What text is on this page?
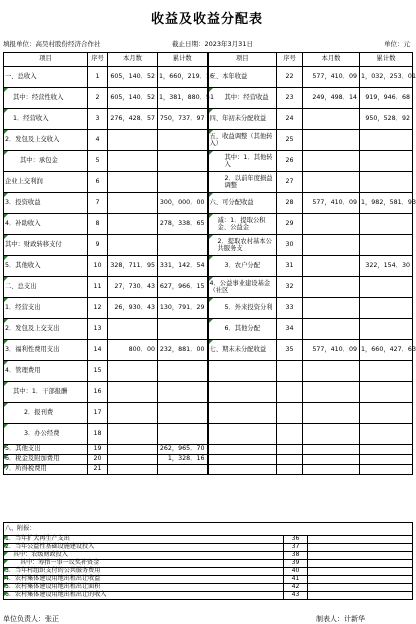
收益及收益分配表
填报单位：高昊村股份经济合作社	截止日期：2023年3月31日	单位：元
项目	序号	本月数	累计数	项目	序号	本月数	累计数
一、总收入	1	605，140．52	1，660，219．16	三、本年收益	22	577，410．09	1，032，253．01
其中：经营性收入	2	605，140．52	1，381，880．51	其中：经营收益	23	249，498．14	919，946．68
1．经营收入	3	276，428．57	750，737．97	四、年初未分配收益	24		950，528．92
2．发包及上交收入	4			五、收益调整（其他转入）	25		
其中：承包金	5			其中：1．其他转入	26		
企业上交利润	6			2．以前年度损益调整	27		
3．投资收益	7		300，000．00	六、可分配收益	28	577，410．09	1，982，581．93
4．补助收入	8		278，338．65	减：1．提取公积金、公益金	29		
其中：财政转移支付	9			2．提取农村基本公共服务支	30		
5．其他收入	10	328，711．95	331，142．54	3．农户分配	31		322，154．30
二、总支出	11	27，730．43	627，966．15	4．公益事业建设基金（社区	32		
1．经营支出	12	26，930．43	130，791．29	5．外来投资分利	33		
2．发包及上交支出	13			6．其他分配	34		
3．福利性费用支出	14	800．00	232，881．00	七、期末未分配收益	35	577，410．09	1，660，427．63
4．管理费用	15						
其中：1．干部报酬	16						
2．报刊费	17						
3．办公经费	18						
5．其他支出	19		262，965．70				
6．税金及附加费用	20		1，328．16				
7．所得税费用	21						
八、附报：		
1．当年扩大再生产支出	36	
2．当年公益性基础设施建设投入	37	
其中：农级财政投入	38	
其中：筹措一事一议奖补资金	39	
3．当年村组织支付的公共服务费用	40	
4．农村集体建设用地出租出让收益	41	
5．农村集体建设用地出租出让面积	42	
6．农村集体建设用地出租出让的收入	43	
单位负责人：张正	制表人：计新华
